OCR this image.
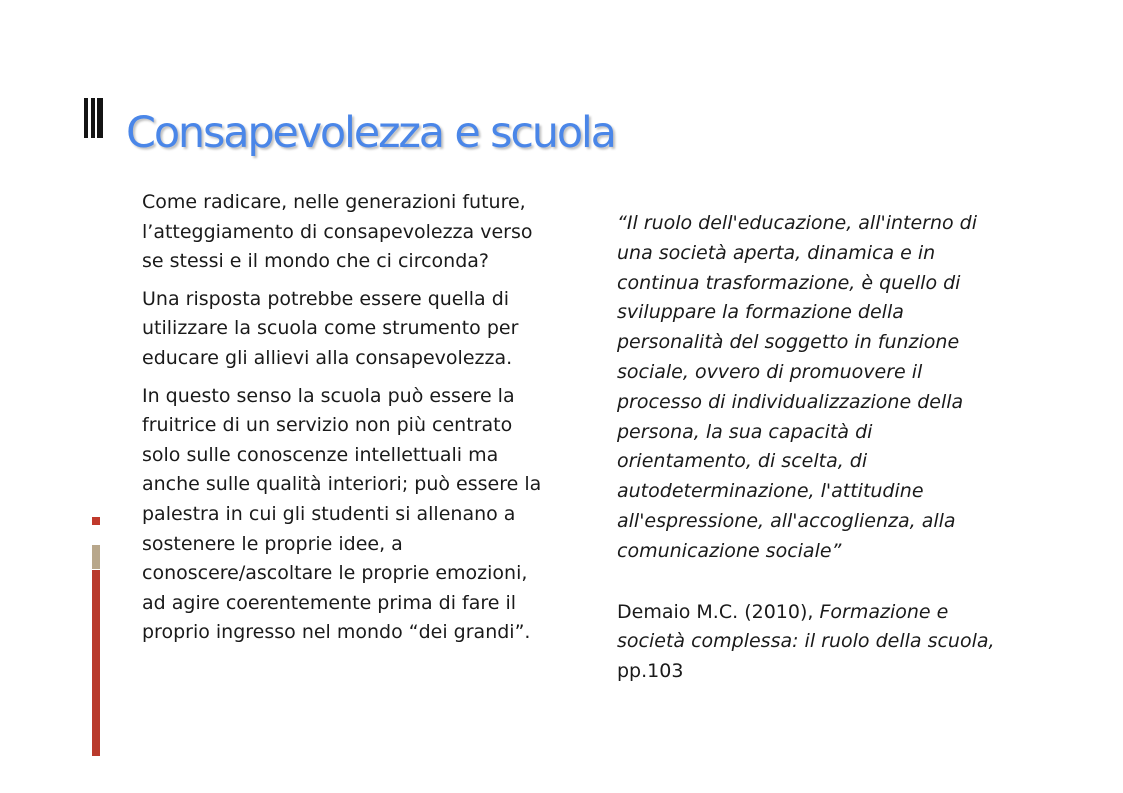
Consapevolezza e scuola

Come radicare, nelle generazioni future, l’atteggiamento di consapevolezza verso se stessi e il mondo che ci circonda?

Una risposta potrebbe essere quella di utilizzare la scuola come strumento per educare gli allievi alla consapevolezza.

In questo senso la scuola può essere la fruitrice di un servizio non più centrato solo sulle conoscenze intellettuali ma anche sulle qualità interiori; può essere la palestra in cui gli studenti si allenano a sostenere le proprie idee, a conoscere/ascoltare le proprie emozioni, ad agire coerentemente prima di fare il proprio ingresso nel mondo “dei grandi”.

“Il ruolo dell'educazione, all'interno di una società aperta, dinamica e in continua trasformazione, è quello di sviluppare la formazione della personalità del soggetto in funzione sociale, ovvero di promuovere il processo di individualizzazione della persona, la sua capacità di orientamento, di scelta, di autodeterminazione, l'attitudine all'espressione, all'accoglienza, alla comunicazione sociale”

Demaio M.C. (2010), Formazione e società complessa: il ruolo della scuola, pp.103
